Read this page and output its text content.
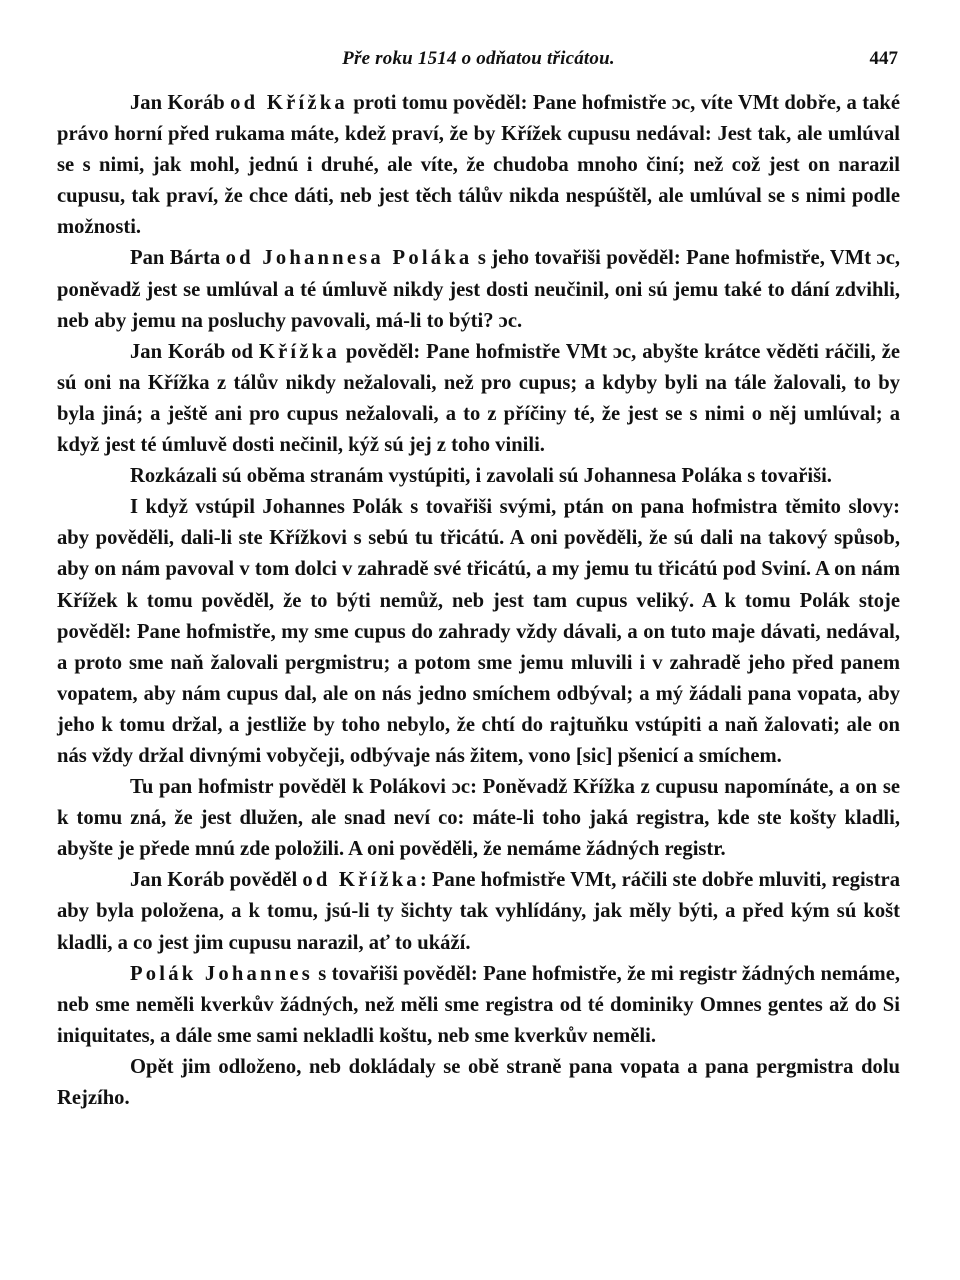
Pře roku 1514 o odňatou třicátou.	447

Jan Koráb od Křížka proti tomu pověděl: Pane hofmistře ɔc, víte VMt dobře, a také právo horní před rukama máte, kdež praví, že by Křížek cupusu nedával: Jest tak, ale umlúval se s nimi, jak mohl, jednú i druhé, ale víte, že chudoba mnoho činí; než což jest on narazil cupusu, tak praví, že chce dáti, neb jest těch tálův nikda nespúštěl, ale umlúval se s nimi podle možnosti.

Pan Bárta od Johannesa Poláka s jeho tovařiši pověděl: Pane hofmistře, VMt ɔc, poněvadž jest se umlúval a té úmluvě nikdy jest dosti neučinil, oni sú jemu také to dání zdvihli, neb aby jemu na posluchy pavovali, má-li to býti? ɔc.

Jan Koráb od Křížka pověděl: Pane hofmistře VMt ɔc, abyšte krátce věděti ráčili, že sú oni na Křížka z tálův nikdy nežalovali, než pro cupus; a kdyby byli na tále žalovali, to by byla jiná; a ještě ani pro cupus nežalovali, a to z příčiny té, že jest se s nimi o něj umlúval; a když jest té úmluvě dosti nečinil, kýž sú jej z toho vinili.

Rozkázali sú oběma stranám vystúpiti, i zavolali sú Johannesa Poláka s tovařiši.

I když vstúpil Johannes Polák s tovařiši svými, ptán on pana hofmistra těmito slovy: aby pověděli, dali-li ste Křížkovi s sebú tu třicátú. A oni pověděli, že sú dali na takový spůsob, aby on nám pavoval v tom dolci v zahradě své třicátú, a my jemu tu třicátú pod Sviní. A on nám Křížek k tomu pověděl, že to býti nemůž, neb jest tam cupus veliký. A k tomu Polák stoje pověděl: Pane hofmistře, my sme cupus do zahrady vždy dávali, a on tuto maje dávati, nedával, a proto sme naň žalovali pergmistru; a potom sme jemu mluvili i v zahradě jeho před panem vopatem, aby nám cupus dal, ale on nás jedno smíchem odbýval; a mý žádali pana vopata, aby jeho k tomu držal, a jestliže by toho nebylo, že chtí do rajtuňku vstúpiti a naň žalovati; ale on nás vždy držal divnými vobyčeji, odbývaje nás žitem, vono [sic] pšenicí a smíchem.

Tu pan hofmistr pověděl k Polákovi ɔc: Poněvadž Křížka z cupusu napomínáte, a on se k tomu zná, že jest dlužen, ale snad neví co: máte-li toho jaká registra, kde ste košty kladli, abyšte je přede mnú zde položili. A oni pověděli, že nemáme žádných registr.

Jan Koráb pověděl od Křížka: Pane hofmistře VMt, ráčili ste dobře mluviti, registra aby byla položena, a k tomu, jsú-li ty šichty tak vyhlídány, jak měly býti, a před kým sú košt kladli, a co jest jim cupusu narazil, ať to ukáží.

Polák Johannes s tovařiši pověděl: Pane hofmistře, že mi registr žádných nemáme, neb sme neměli kverkův žádných, než měli sme registra od té dominiky Omnes gentes až do Si iniquitates, a dále sme sami nekladli koštu, neb sme kverkův neměli.

Opět jim odloženo, neb dokládaly se obě straně pana vopata a pana pergmistra dolu Rejzího.
